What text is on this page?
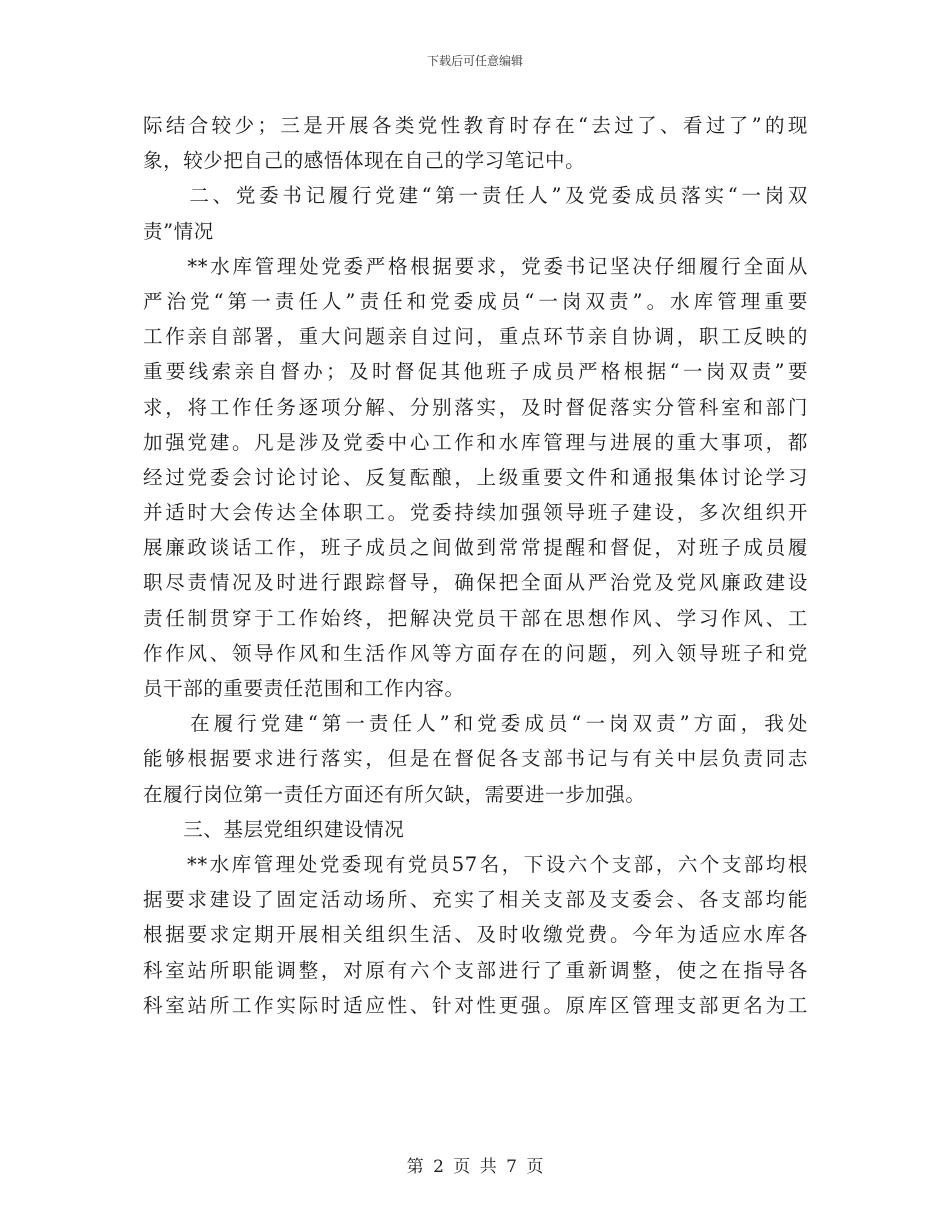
下载后可任意编辑
际结合较少；三是开展各类党性教育时存在“去过了、看过了”的现
象，较少把自己的感悟体现在自己的学习笔记中。
　　二、党委书记履行党建“第一责任人”及党委成员落实“一岗双
责”情况
　　**水库管理处党委严格根据要求，党委书记坚决仔细履行全面从
严治党“第一责任人”责任和党委成员“一岗双责”。水库管理重要
工作亲自部署，重大问题亲自过问，重点环节亲自协调，职工反映的
重要线索亲自督办；及时督促其他班子成员严格根据“一岗双责”要
求，将工作任务逐项分解、分别落实，及时督促落实分管科室和部门
加强党建。凡是涉及党委中心工作和水库管理与进展的重大事项，都
经过党委会讨论讨论、反复酝酿，上级重要文件和通报集体讨论学习
并适时大会传达全体职工。党委持续加强领导班子建设，多次组织开
展廉政谈话工作，班子成员之间做到常常提醒和督促，对班子成员履
职尽责情况及时进行跟踪督导，确保把全面从严治党及党风廉政建设
责任制贯穿于工作始终，把解决党员干部在思想作风、学习作风、工
作作风、领导作风和生活作风等方面存在的问题，列入领导班子和党
员干部的重要责任范围和工作内容。
　　在履行党建“第一责任人”和党委成员“一岗双责”方面，我处
能够根据要求进行落实，但是在督促各支部书记与有关中层负责同志
在履行岗位第一责任方面还有所欠缺，需要进一步加强。
　　三、基层党组织建设情况
　　**水库管理处党委现有党员57名，下设六个支部，六个支部均根
据要求建设了固定活动场所、充实了相关支部及支委会、各支部均能
根据要求定期开展相关组织生活、及时收缴党费。今年为适应水库各
科室站所职能调整，对原有六个支部进行了重新调整，使之在指导各
科室站所工作实际时适应性、针对性更强。原库区管理支部更名为工
第 2 页 共 7 页
